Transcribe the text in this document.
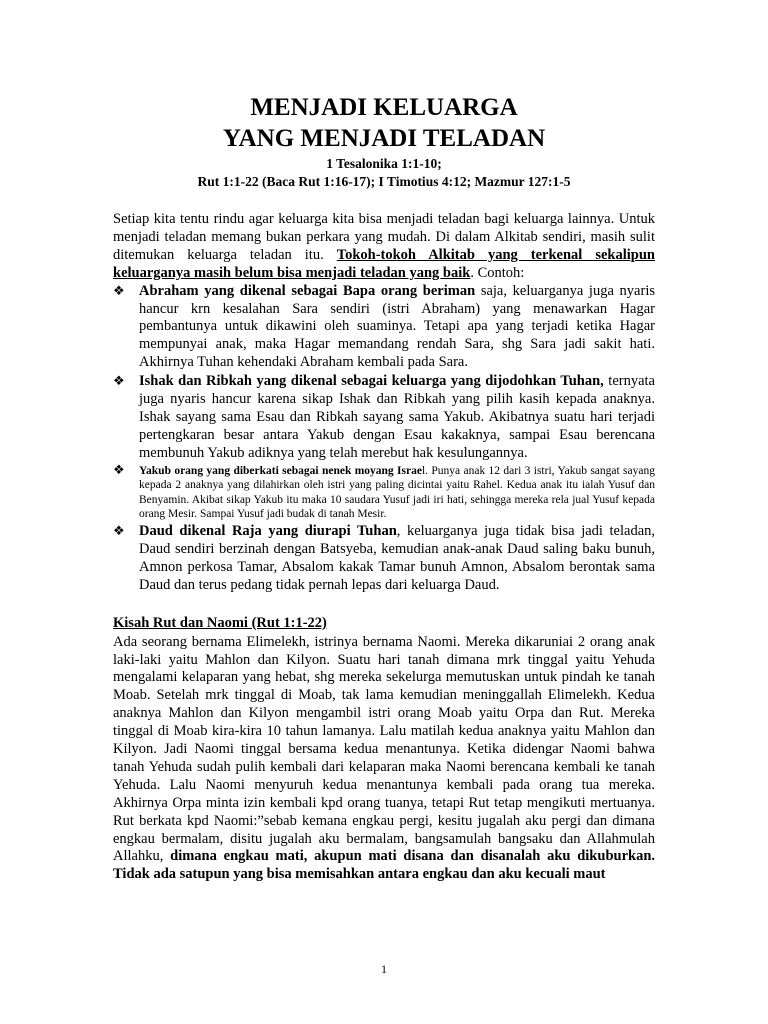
MENJADI KELUARGA
YANG MENJADI TELADAN

1 Tesalonika 1:1-10;

Rut 1:1-22 (Baca Rut 1:16-17); I Timotius 4:12; Mazmur 127:1-5

Setiap kita tentu rindu agar keluarga kita bisa menjadi teladan bagi keluarga lainnya. Untuk menjadi teladan memang bukan perkara yang mudah. Di dalam Alkitab sendiri, masih sulit ditemukan keluarga teladan itu. Tokoh-tokoh Alkitab yang terkenal sekalipun keluarganya masih belum bisa menjadi teladan yang baik. Contoh:

❖ Abraham yang dikenal sebagai Bapa orang beriman saja, keluarganya juga nyaris hancur krn kesalahan Sara sendiri (istri Abraham) yang menawarkan Hagar pembantunya untuk dikawini oleh suaminya. Tetapi apa yang terjadi ketika Hagar mempunyai anak, maka Hagar memandang rendah Sara, shg Sara jadi sakit hati. Akhirnya Tuhan kehendaki Abraham kembali pada Sara.

❖ Ishak dan Ribkah yang dikenal sebagai keluarga yang dijodohkan Tuhan, ternyata juga nyaris hancur karena sikap Ishak dan Ribkah yang pilih kasih kepada anaknya. Ishak sayang sama Esau dan Ribkah sayang sama Yakub. Akibatnya suatu hari terjadi pertengkaran besar antara Yakub dengan Esau kakaknya, sampai Esau berencana membunuh Yakub adiknya yang telah merebut hak kesulungannya.

❖ Yakub orang yang diberkati sebagai nenek moyang Israel. Punya anak 12 dari 3 istri, Yakub sangat sayang kepada 2 anaknya yang dilahirkan oleh istri yang paling dicintai yaitu Rahel. Kedua anak itu ialah Yusuf dan Benyamin. Akibat sikap Yakub itu maka 10 saudara Yusuf jadi iri hati, sehingga mereka rela jual Yusuf kepada orang Mesir. Sampai Yusuf jadi budak di tanah Mesir.

❖ Daud dikenal Raja yang diurapi Tuhan, keluarganya juga tidak bisa jadi teladan, Daud sendiri berzinah dengan Batsyeba, kemudian anak-anak Daud saling baku bunuh, Amnon perkosa Tamar, Absalom kakak Tamar bunuh Amnon, Absalom berontak sama Daud dan terus pedang tidak pernah lepas dari keluarga Daud.

Kisah Rut dan Naomi (Rut 1:1-22)

Ada seorang bernama Elimelekh, istrinya bernama Naomi. Mereka dikaruniai 2 orang anak laki-laki yaitu Mahlon dan Kilyon. Suatu hari tanah dimana mrk tinggal yaitu Yehuda mengalami kelaparan yang hebat, shg mereka sekelurga memutuskan untuk pindah ke tanah Moab. Setelah mrk tinggal di Moab, tak lama kemudian meninggallah Elimelekh. Kedua anaknya Mahlon dan Kilyon mengambil istri orang Moab yaitu Orpa dan Rut. Mereka tinggal di Moab kira-kira 10 tahun lamanya. Lalu matilah kedua anaknya yaitu Mahlon dan Kilyon. Jadi Naomi tinggal bersama kedua menantunya. Ketika didengar Naomi bahwa tanah Yehuda sudah pulih kembali dari kelaparan maka Naomi berencana kembali ke tanah Yehuda. Lalu Naomi menyuruh kedua menantunya kembali pada orang tua mereka. Akhirnya Orpa minta izin kembali kpd orang tuanya, tetapi Rut tetap mengikuti mertuanya. Rut berkata kpd Naomi:”sebab kemana engkau pergi, kesitu jugalah aku pergi dan dimana engkau bermalam, disitu jugalah aku bermalam, bangsamulah bangsaku dan Allahmulah Allahku, dimana engkau mati, akupun mati disana dan disanalah aku dikuburkan. Tidak ada satupun yang bisa memisahkan antara engkau dan aku kecuali maut

1
